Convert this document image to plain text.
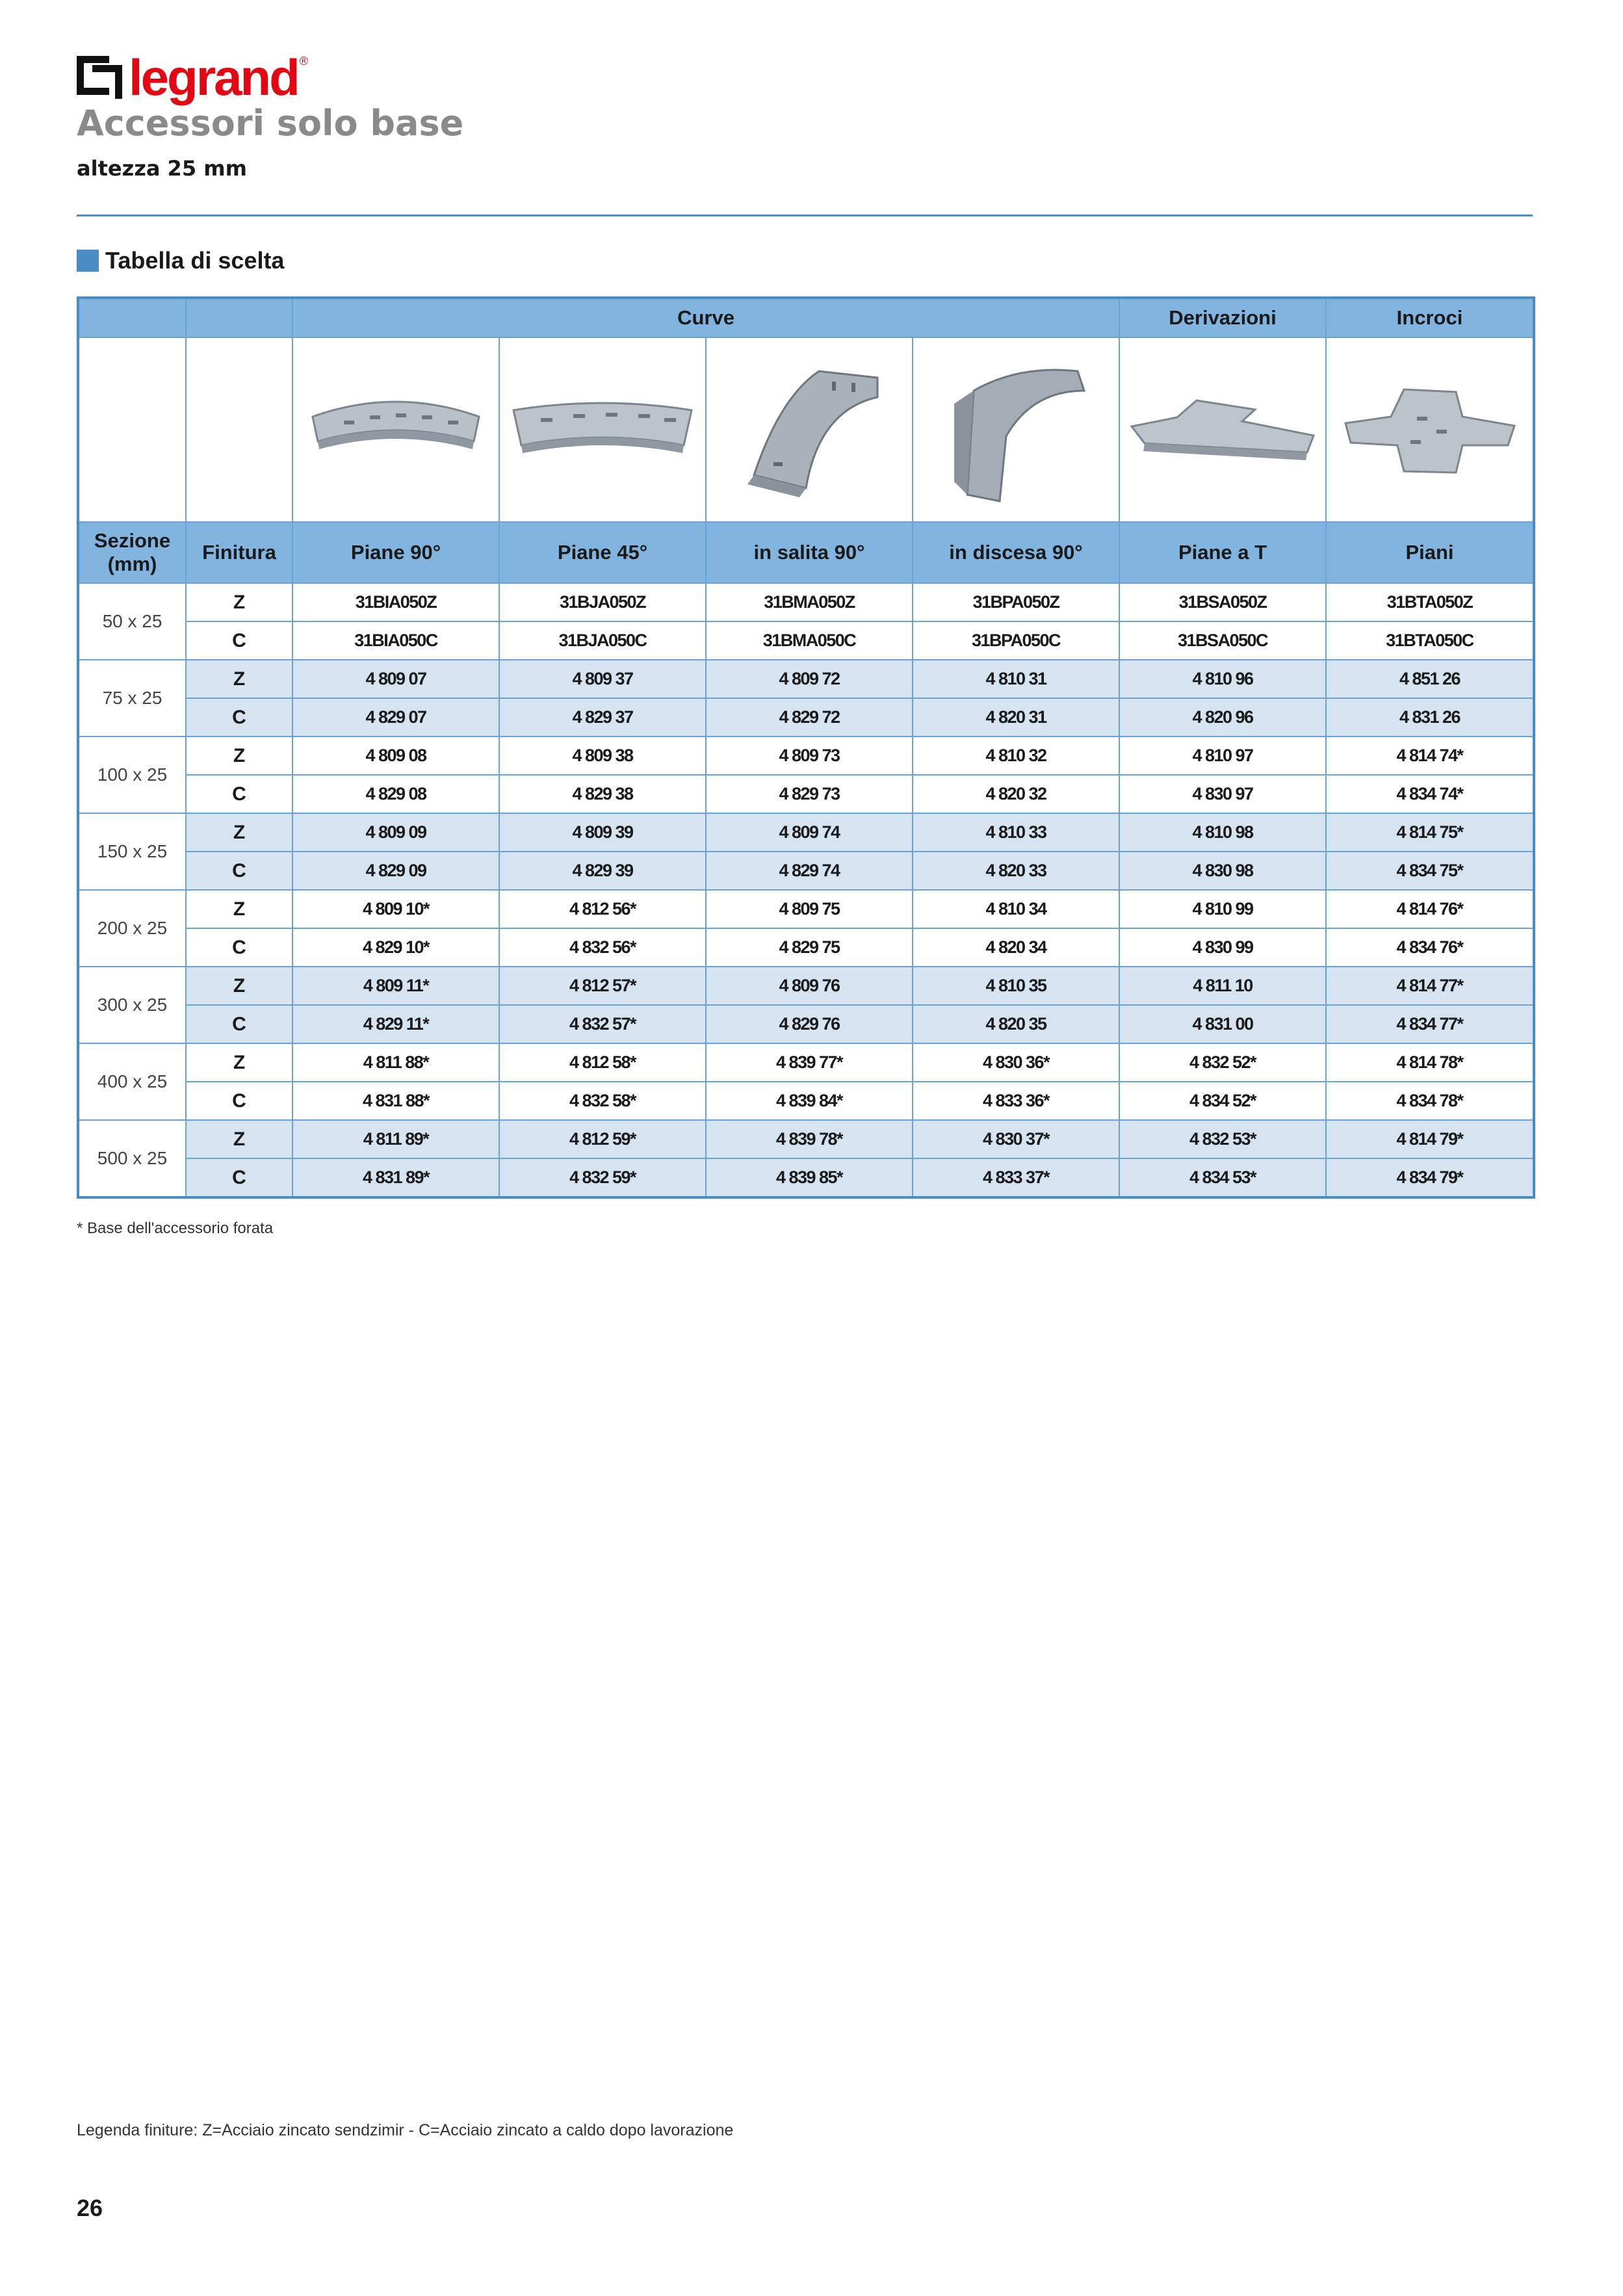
legrand ®
Accessori solo base
altezza 25 mm
Tabella di scelta
		Curve				Derivazioni	Incroci

Sezione (mm)	Finitura	Piane 90°	Piane 45°	in salita 90°	in discesa 90°	Piane a T	Piani
50 x 25	Z	31BIA050Z	31BJA050Z	31BMA050Z	31BPA050Z	31BSA050Z	31BTA050Z
	C	31BIA050C	31BJA050C	31BMA050C	31BPA050C	31BSA050C	31BTA050C
75 x 25	Z	4 809 07	4 809 37	4 809 72	4 810 31	4 810 96	4 851 26
	C	4 829 07	4 829 37	4 829 72	4 820 31	4 820 96	4 831 26
100 x 25	Z	4 809 08	4 809 38	4 809 73	4 810 32	4 810 97	4 814 74*
	C	4 829 08	4 829 38	4 829 73	4 820 32	4 830 97	4 834 74*
150 x 25	Z	4 809 09	4 809 39	4 809 74	4 810 33	4 810 98	4 814 75*
	C	4 829 09	4 829 39	4 829 74	4 820 33	4 830 98	4 834 75*
200 x 25	Z	4 809 10*	4 812 56*	4 809 75	4 810 34	4 810 99	4 814 76*
	C	4 829 10*	4 832 56*	4 829 75	4 820 34	4 830 99	4 834 76*
300 x 25	Z	4 809 11*	4 812 57*	4 809 76	4 810 35	4 811 10	4 814 77*
	C	4 829 11*	4 832 57*	4 829 76	4 820 35	4 831 00	4 834 77*
400 x 25	Z	4 811 88*	4 812 58*	4 839 77*	4 830 36*	4 832 52*	4 814 78*
	C	4 831 88*	4 832 58*	4 839 84*	4 833 36*	4 834 52*	4 834 78*
500 x 25	Z	4 811 89*	4 812 59*	4 839 78*	4 830 37*	4 832 53*	4 814 79*
	C	4 831 89*	4 832 59*	4 839 85*	4 833 37*	4 834 53*	4 834 79*
* Base dell'accessorio forata
Legenda finiture: Z=Acciaio zincato sendzimir - C=Acciaio zincato a caldo dopo lavorazione
26
